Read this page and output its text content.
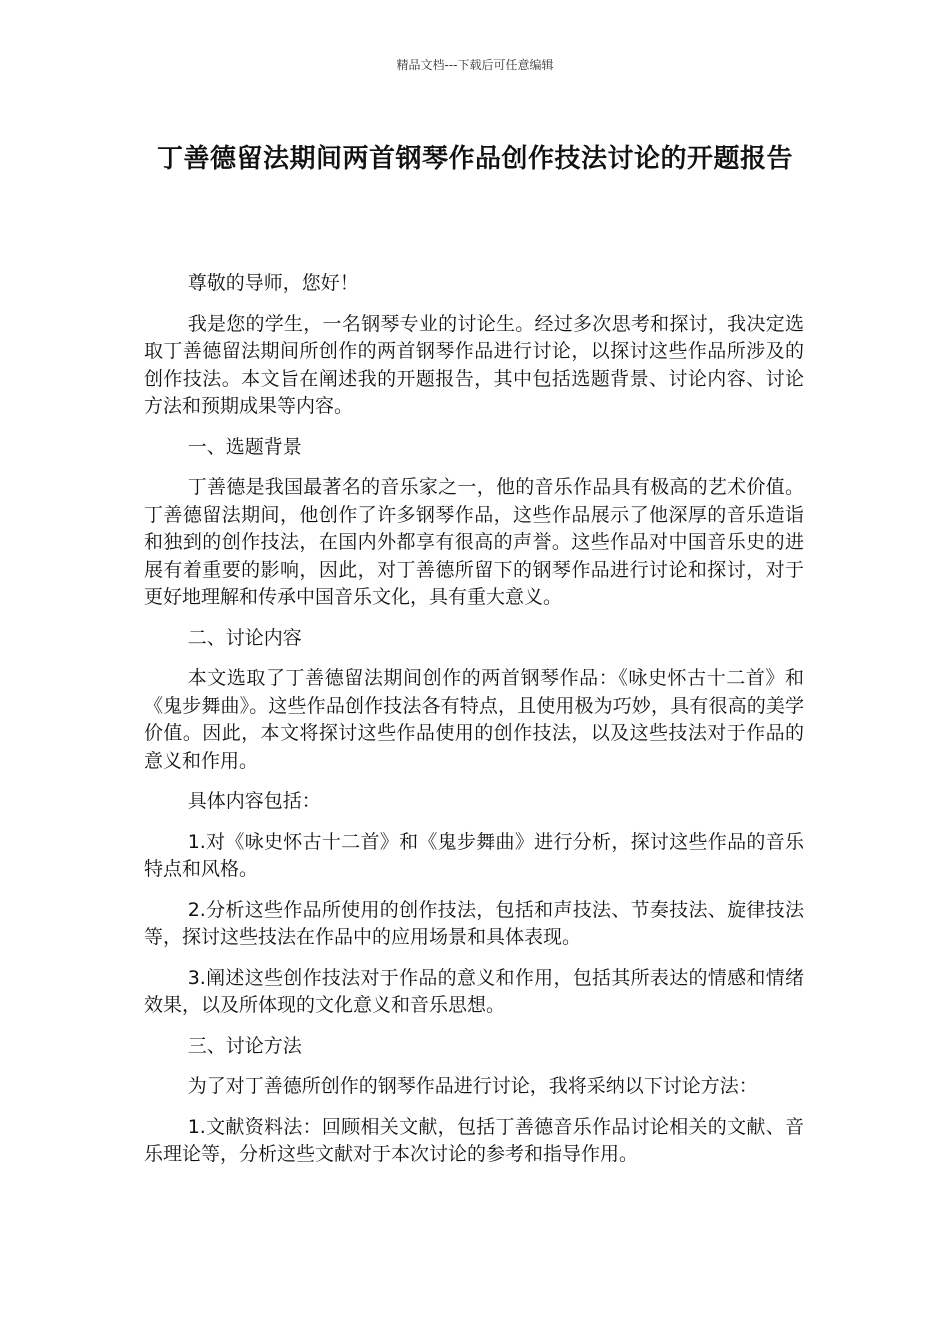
精品文档---下载后可任意编辑
丁善德留法期间两首钢琴作品创作技法讨论的开题报告

尊敬的导师，您好！

我是您的学生，一名钢琴专业的讨论生。经过多次思考和探讨，我决定选取丁善德留法期间所创作的两首钢琴作品进行讨论，以探讨这些作品所涉及的创作技法。本文旨在阐述我的开题报告，其中包括选题背景、讨论内容、讨论方法和预期成果等内容。

一、选题背景

丁善德是我国最著名的音乐家之一，他的音乐作品具有极高的艺术价值。丁善德留法期间，他创作了许多钢琴作品，这些作品展示了他深厚的音乐造诣和独到的创作技法，在国内外都享有很高的声誉。这些作品对中国音乐史的进展有着重要的影响，因此，对丁善德所留下的钢琴作品进行讨论和探讨，对于更好地理解和传承中国音乐文化，具有重大意义。

二、讨论内容

本文选取了丁善德留法期间创作的两首钢琴作品：《咏史怀古十二首》和《鬼步舞曲》。这些作品创作技法各有特点，且使用极为巧妙，具有很高的美学价值。因此，本文将探讨这些作品使用的创作技法，以及这些技法对于作品的意义和作用。

具体内容包括：

1.对《咏史怀古十二首》和《鬼步舞曲》进行分析，探讨这些作品的音乐特点和风格。

2.分析这些作品所使用的创作技法，包括和声技法、节奏技法、旋律技法等，探讨这些技法在作品中的应用场景和具体表现。

3.阐述这些创作技法对于作品的意义和作用，包括其所表达的情感和情绪效果，以及所体现的文化意义和音乐思想。

三、讨论方法

为了对丁善德所创作的钢琴作品进行讨论，我将采纳以下讨论方法：

1.文献资料法：回顾相关文献，包括丁善德音乐作品讨论相关的文献、音乐理论等，分析这些文献对于本次讨论的参考和指导作用。
